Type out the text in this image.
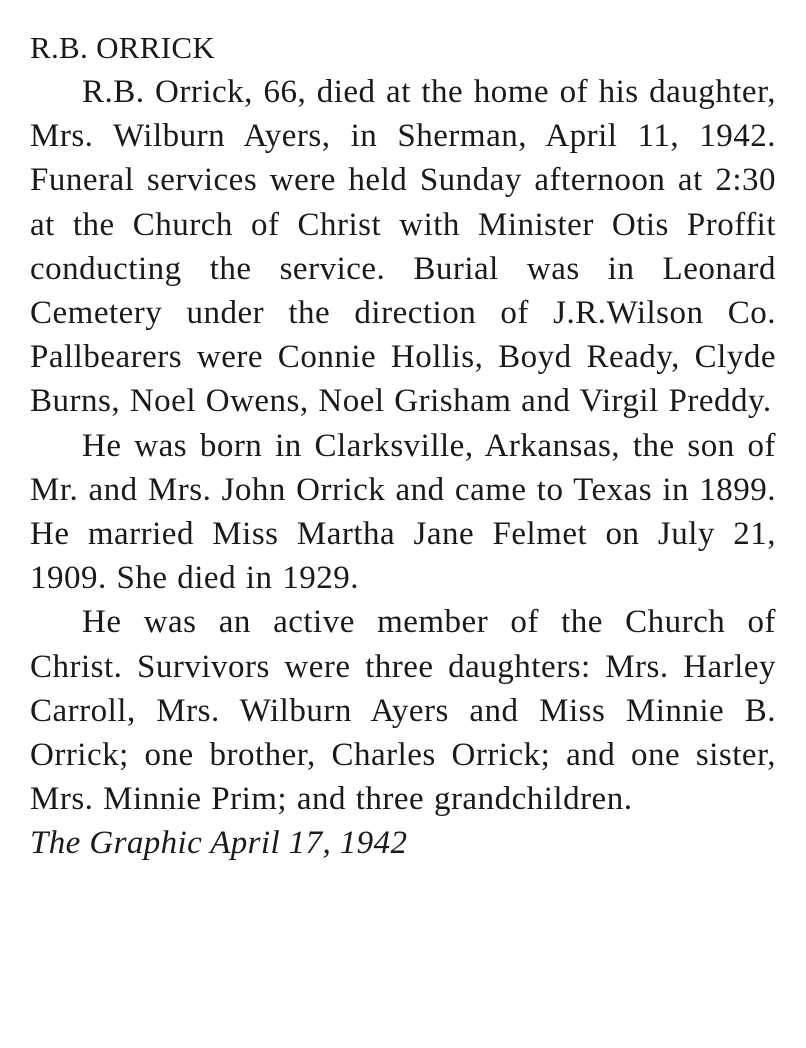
R.B. ORRICK

R.B. Orrick, 66, died at the home of his daughter, Mrs. Wilburn Ayers, in Sherman, April 11, 1942. Funeral services were held Sunday afternoon at 2:30 at the Church of Christ with Minister Otis Proffit conducting the service. Burial was in Leonard Cemetery under the direction of J.R.Wilson Co. Pallbearers were Connie Hollis, Boyd Ready, Clyde Burns, Noel Owens, Noel Grisham and Virgil Preddy.

He was born in Clarksville, Arkansas, the son of Mr. and Mrs. John Orrick and came to Texas in 1899. He married Miss Martha Jane Felmet on July 21, 1909. She died in 1929.

He was an active member of the Church of Christ. Survivors were three daughters: Mrs. Harley Carroll, Mrs. Wilburn Ayers and Miss Minnie B. Orrick; one brother, Charles Orrick; and one sister, Mrs. Minnie Prim; and three grandchildren.

The Graphic April 17, 1942
